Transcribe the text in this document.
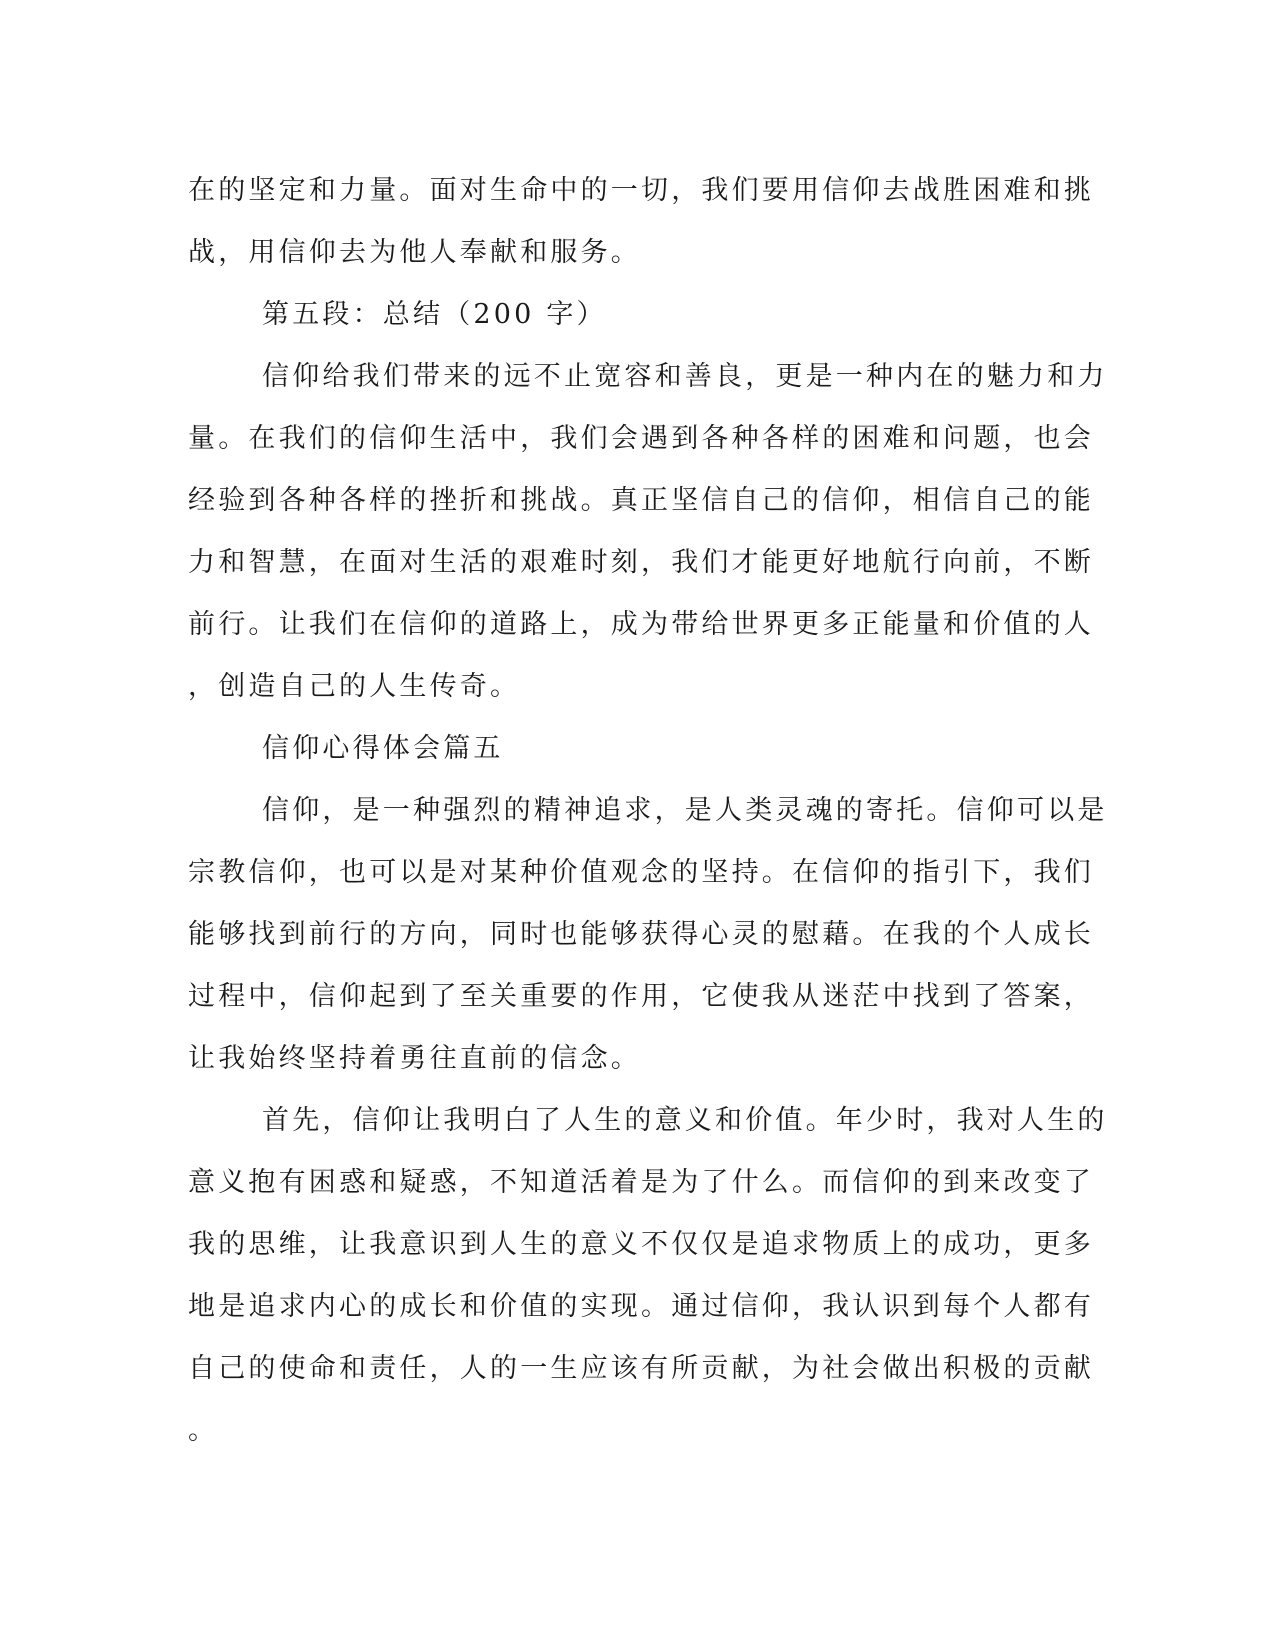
在的坚定和力量。面对生命中的一切，我们要用信仰去战胜困难和挑
战，用信仰去为他人奉献和服务。
第五段：总结（200 字）
信仰给我们带来的远不止宽容和善良，更是一种内在的魅力和力
量。在我们的信仰生活中，我们会遇到各种各样的困难和问题，也会
经验到各种各样的挫折和挑战。真正坚信自己的信仰，相信自己的能
力和智慧，在面对生活的艰难时刻，我们才能更好地航行向前，不断
前行。让我们在信仰的道路上，成为带给世界更多正能量和价值的人
，创造自己的人生传奇。
信仰心得体会篇五
信仰，是一种强烈的精神追求，是人类灵魂的寄托。信仰可以是
宗教信仰，也可以是对某种价值观念的坚持。在信仰的指引下，我们
能够找到前行的方向，同时也能够获得心灵的慰藉。在我的个人成长
过程中，信仰起到了至关重要的作用，它使我从迷茫中找到了答案，
让我始终坚持着勇往直前的信念。
首先，信仰让我明白了人生的意义和价值。年少时，我对人生的
意义抱有困惑和疑惑，不知道活着是为了什么。而信仰的到来改变了
我的思维，让我意识到人生的意义不仅仅是追求物质上的成功，更多
地是追求内心的成长和价值的实现。通过信仰，我认识到每个人都有
自己的使命和责任，人的一生应该有所贡献，为社会做出积极的贡献
。
